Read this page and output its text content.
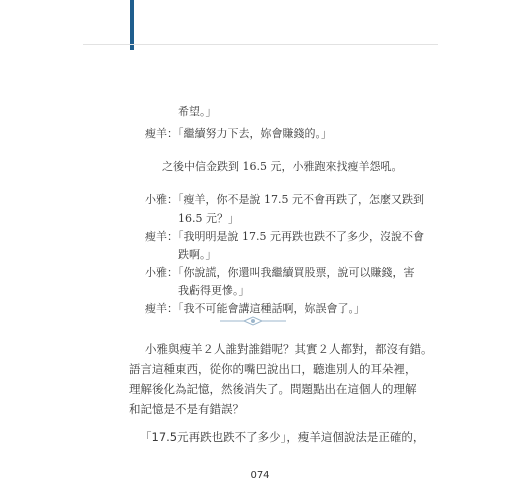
希望。」
瘦羊：「繼續努力下去，妳會賺錢的。」
之後中信金跌到 16.5 元，小雅跑來找瘦羊怨吼。
小雅：「瘦羊，你不是說 17.5 元不會再跌了，怎麼又跌到
16.5 元？」
瘦羊：「我明明是說 17.5 元再跌也跌不了多少，沒說不會
跌啊。」
小雅：「你說謊，你還叫我繼續買股票，說可以賺錢，害
我虧得更慘。」
瘦羊：「我不可能會講這種話啊，妳誤會了。」
小雅與瘦羊２人誰對誰錯呢？其實２人都對，都沒有錯。
語言這種東西，從你的嘴巴說出口，聽進別人的耳朵裡，
理解後化為記憶，然後消失了。問題點出在這個人的理解
和記憶是不是有錯誤？
「17.5元再跌也跌不了多少」，瘦羊這個說法是正確的，
074
